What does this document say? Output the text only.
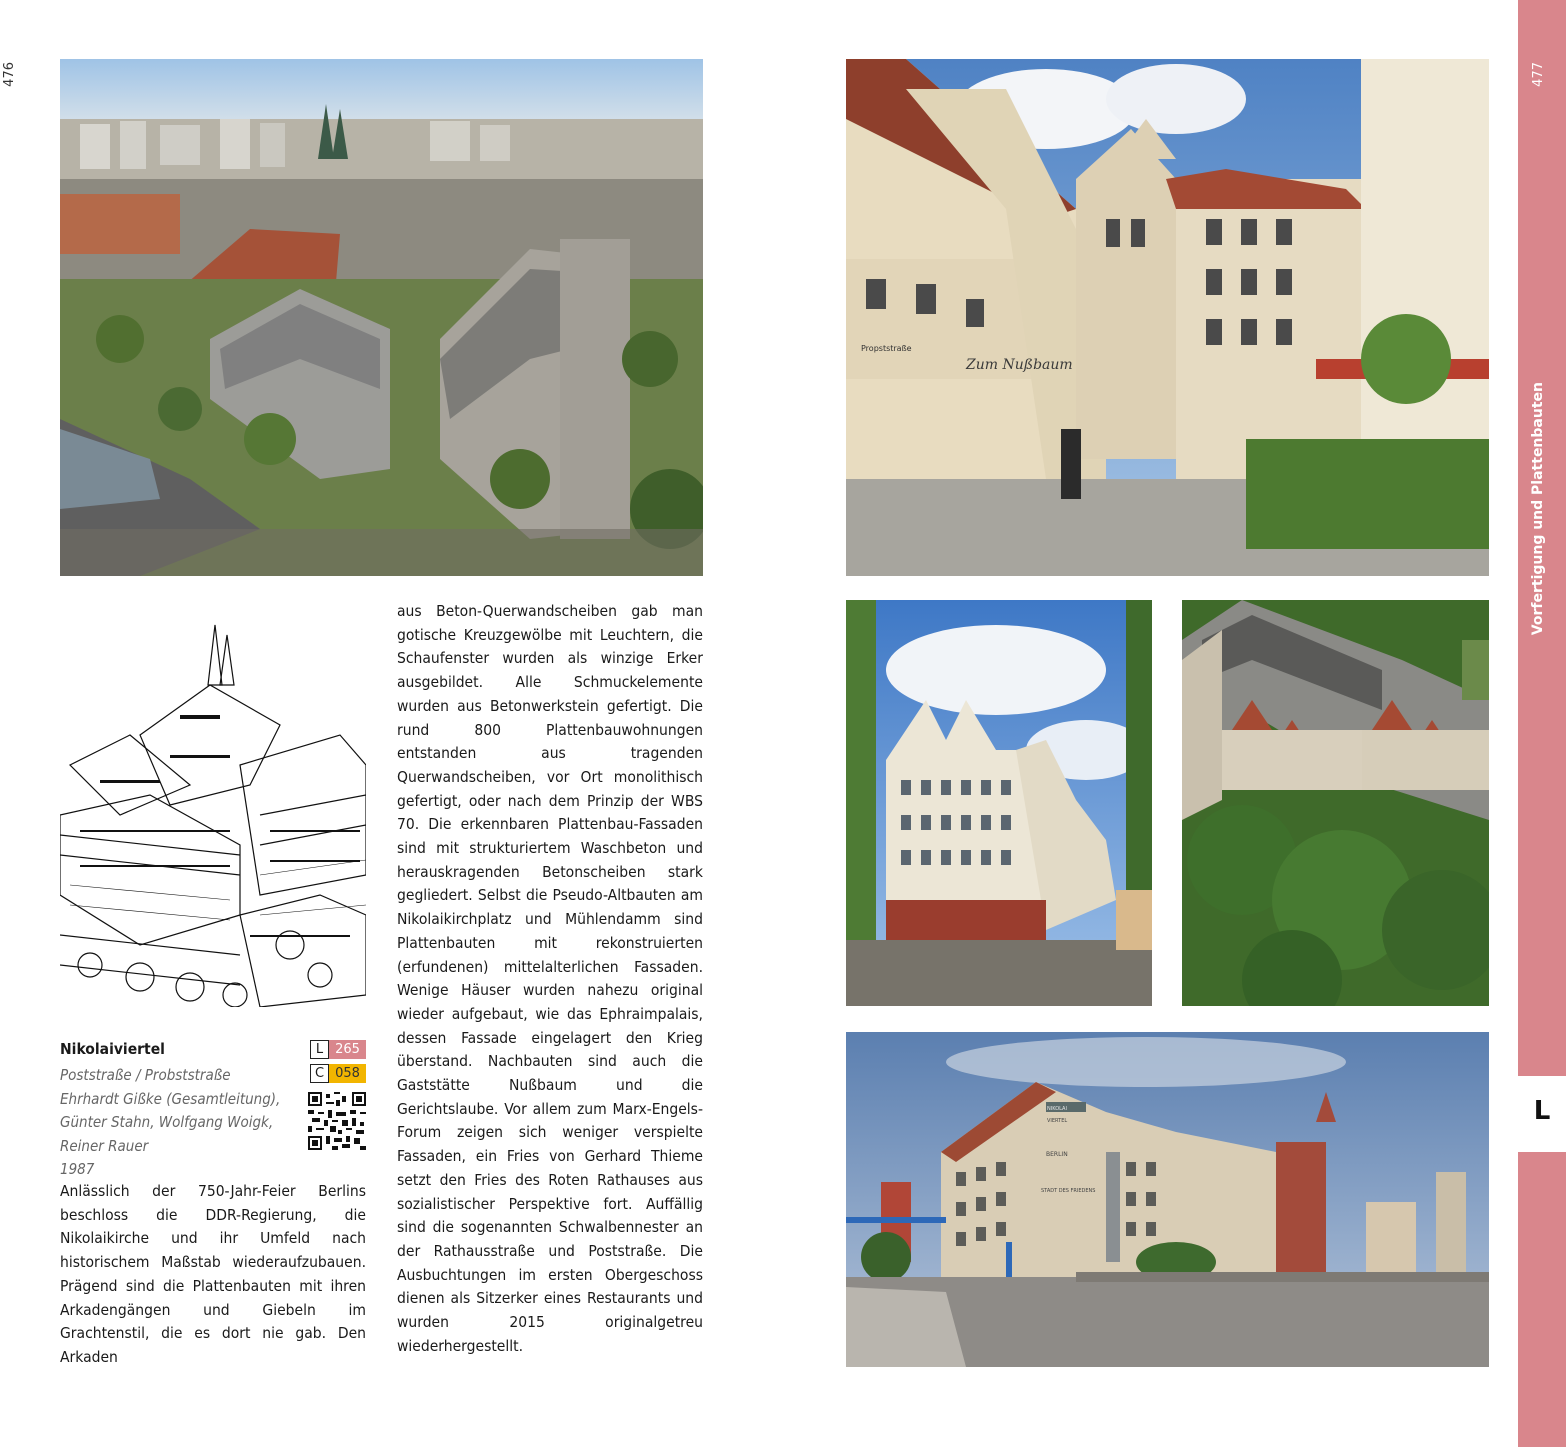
476	477
Vorfertigung und Plattenbauten
L
Zum Nußbaum
Propststraße
NIKOLAI
VIERTEL
BERLIN
STADT DES FRIEDENS
Nikolaiviertel
Poststraße / Probststraße
Ehrhardt Gißke (Gesamtleitung),
Günter Stahn, Wolfgang Woigk,
Reiner Rauer
1987
L 265
C 058

Anlässlich der 750-Jahr-Feier Berlins beschloss die DDR-Regierung, die Nikolaikirche und ihr Umfeld nach historischem Maßstab wiederaufzubauen. Prägend sind die Plattenbauten mit ihren Arkadengängen und Giebeln im Grachtenstil, die es dort nie gab. Den Arkaden

aus Beton-Querwandscheiben gab man gotische Kreuzgewölbe mit Leuchtern, die Schaufenster wurden als winzige Erker ausgebildet. Alle Schmuckelemente wurden aus Betonwerkstein gefertigt. Die rund 800 Plattenbauwohnungen entstanden aus tragenden Querwandscheiben, vor Ort monolithisch gefertigt, oder nach dem Prinzip der WBS 70. Die erkennbaren Plattenbau-Fassaden sind mit strukturiertem Waschbeton und herauskragenden Betonscheiben stark gegliedert. Selbst die Pseudo-Altbauten am Nikolaikirchplatz und Mühlendamm sind Plattenbauten mit rekonstruierten (erfundenen) mittelalterlichen Fassaden. Wenige Häuser wurden nahezu original wieder aufgebaut, wie das Ephraimpalais, dessen Fassade eingelagert den Krieg überstand. Nachbauten sind auch die Gaststätte Nußbaum und die Gerichtslaube. Vor allem zum Marx-Engels-Forum zeigen sich weniger verspielte Fassaden, ein Fries von Gerhard Thieme setzt den Fries des Roten Rathauses aus sozialistischer Perspektive fort. Auffällig sind die sogenannten Schwalbennester an der Rathausstraße und Poststraße. Die Ausbuchtungen im ersten Obergeschoss dienen als Sitzerker eines Restaurants und wurden 2015 originalgetreu wiederhergestellt.
